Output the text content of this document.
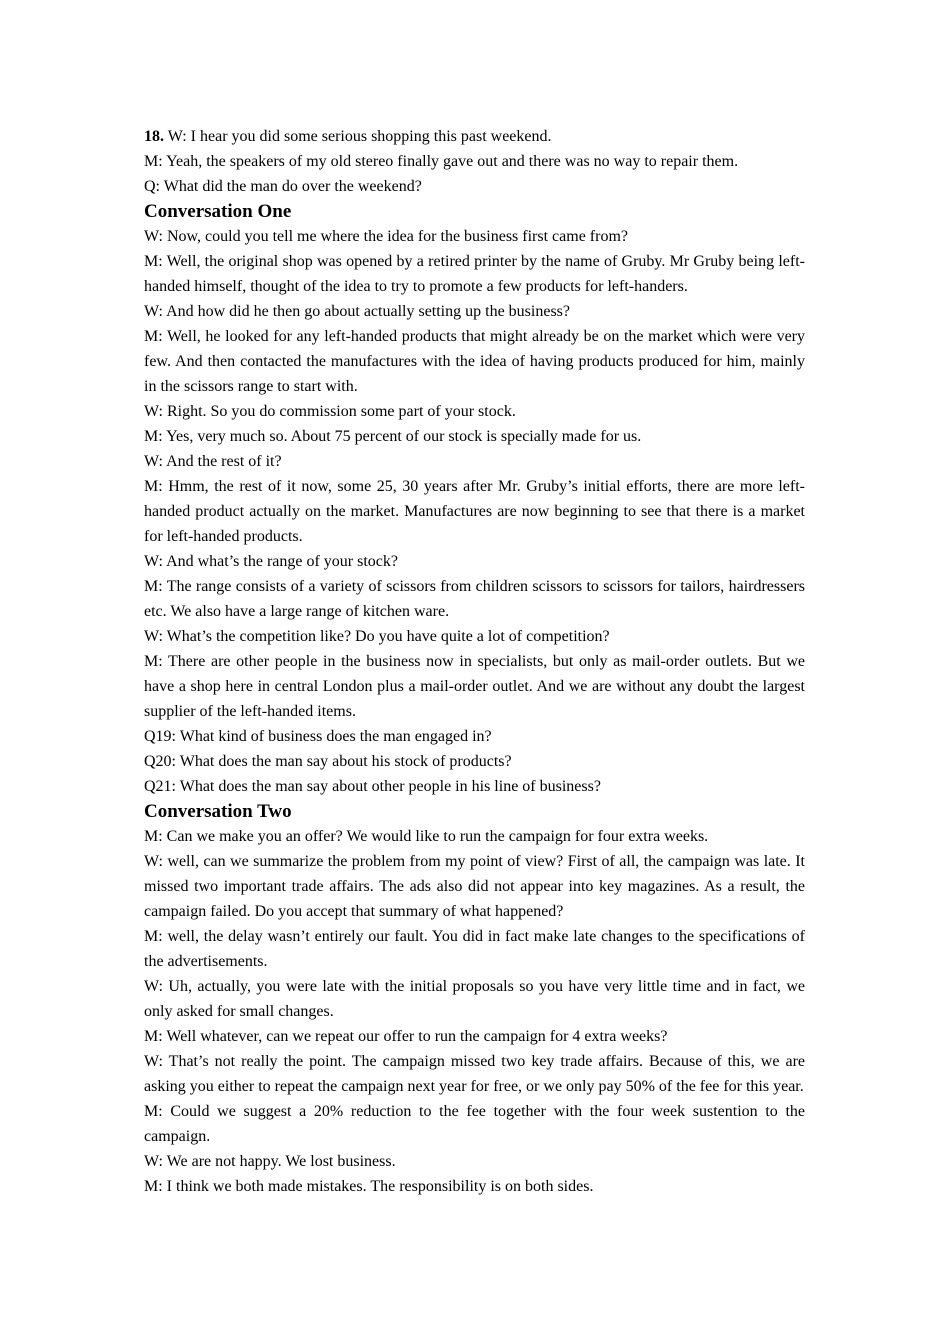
18. W: I hear you did some serious shopping this past weekend.

M: Yeah, the speakers of my old stereo finally gave out and there was no way to repair them.

Q: What did the man do over the weekend?

Conversation One

W: Now, could you tell me where the idea for the business first came from?

M: Well, the original shop was opened by a retired printer by the name of Gruby. Mr Gruby being left-handed himself, thought of the idea to try to promote a few products for left-handers.

W: And how did he then go about actually setting up the business?

M: Well, he looked for any left-handed products that might already be on the market which were very few. And then contacted the manufactures with the idea of having products produced for him, mainly in the scissors range to start with.

W: Right. So you do commission some part of your stock.

M: Yes, very much so. About 75 percent of our stock is specially made for us.

W: And the rest of it?

M: Hmm, the rest of it now, some 25, 30 years after Mr. Gruby’s initial efforts, there are more left-handed product actually on the market. Manufactures are now beginning to see that there is a market for left-handed products.

W: And what’s the range of your stock?

M: The range consists of a variety of scissors from children scissors to scissors for tailors, hairdressers etc. We also have a large range of kitchen ware.

W: What’s the competition like? Do you have quite a lot of competition?

M: There are other people in the business now in specialists, but only as mail-order outlets. But we have a shop here in central London plus a mail-order outlet. And we are without any doubt the largest supplier of the left-handed items.

Q19: What kind of business does the man engaged in?

Q20: What does the man say about his stock of products?

Q21: What does the man say about other people in his line of business?

Conversation Two

M: Can we make you an offer? We would like to run the campaign for four extra weeks.

W: well, can we summarize the problem from my point of view? First of all, the campaign was late. It missed two important trade affairs. The ads also did not appear into key magazines. As a result, the campaign failed. Do you accept that summary of what happened?

M: well, the delay wasn’t entirely our fault. You did in fact make late changes to the specifications of the advertisements.

W: Uh, actually, you were late with the initial proposals so you have very little time and in fact, we only asked for small changes.

M: Well whatever, can we repeat our offer to run the campaign for 4 extra weeks?

W: That’s not really the point. The campaign missed two key trade affairs. Because of this, we are asking you either to repeat the campaign next year for free, or we only pay 50% of the fee for this year.

M: Could we suggest a 20% reduction to the fee together with the four week sustention to the campaign.

W: We are not happy. We lost business.

M: I think we both made mistakes. The responsibility is on both sides.
